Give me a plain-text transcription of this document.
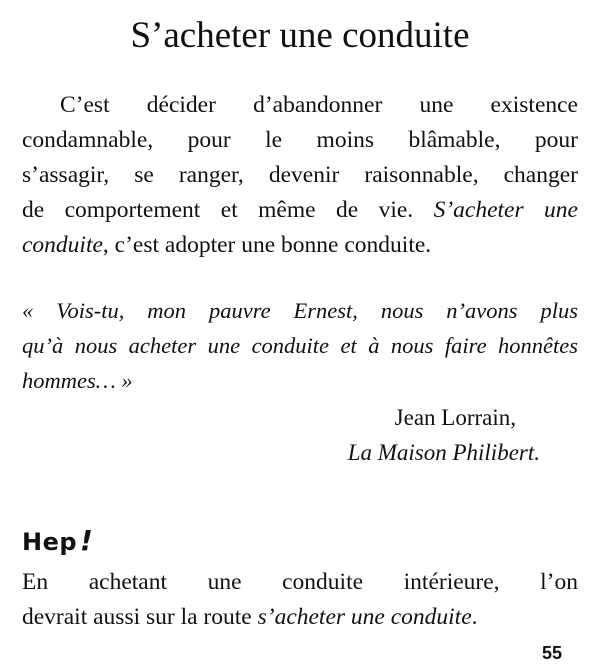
S’acheter une conduite
C’est décider d’abandonner une existence
condamnable, pour le moins blâmable, pour
s’assagir, se ranger, devenir raisonnable, changer
de comportement et même de vie. S’acheter une
conduite, c’est adopter une bonne conduite.
« Vois-tu, mon pauvre Ernest, nous n’avons plus
qu’à nous acheter une conduite et à nous faire honnêtes
hommes… »
Jean Lorrain,
La Maison Philibert.
Hep !
En achetant une conduite intérieure, l’on
devrait aussi sur la route s’acheter une conduite.
55
